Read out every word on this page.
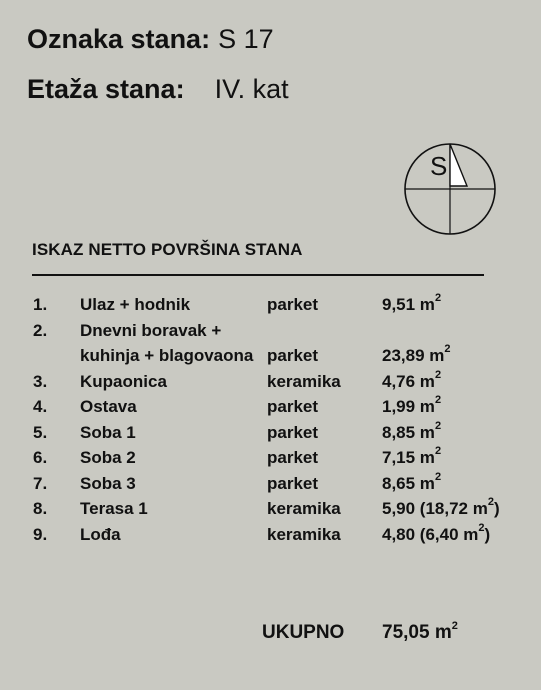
Oznaka stana: S 17
Etaža stana: IV. kat
S
ISKAZ NETTO POVRŠINA STANA
1. Ulaz + hodnik	parket	9,51 $m^2$
2. Dnevni boravak +
kuhinja + blagovaona parket	23,89 $m^2$
3. Kupaonica	keramika 4,76 $m^2$
4. Ostava	parket	1,99 $m^2$
5. Soba 1	parket	8,85 $m^2$
6. Soba 2	parket	7,15 $m^2$
7. Soba 3	parket	8,65 $m^2$
8. Terasa 1	keramika 5,90 (18,72 $m^2$)
9. Lođa	keramika 4,80 (6,40 $m^2$)
UKUPNO 75,05 $m^2$
